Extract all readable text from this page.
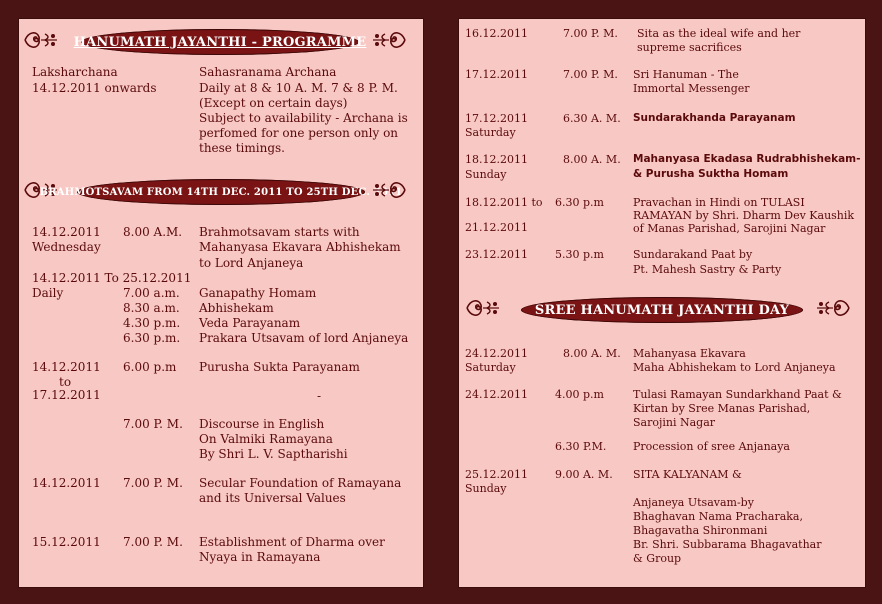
HANUMATH JAYANTHI - PROGRAMME
Laksharchana
14.12.2011 onwards
Sahasranama Archana
Daily at 8 & 10 A. M. 7 & 8 P. M.
(Except on certain days)
Subject to availability - Archana is
perfomed for one person only on
these timings.
BRAHMOTSAVAM FROM 14TH DEC. 2011 TO 25TH DEC. 2011
14.12.2011
Wednesday
8.00 A.M. Brahmotsavam starts with
Mahanyasa Ekavara Abhishekam
to Lord Anjaneya
14.12.2011 To 25.12.2011
Daily	7.00 a.m. Ganapathy Homam
8.30 a.m. Abhishekam
4.30 p.m. Veda Parayanam
6.30 p.m. Prakara Utsavam of lord Anjaneya
14.12.2011
to
17.12.2011
6.00 p.m Purusha Sukta Parayanam
-
7.00 P. M. Discourse in English
On Valmiki Ramayana
By Shri L. V. Saptharishi
14.12.2011 7.00 P. M. Secular Foundation of Ramayana
and its Universal Values
15.12.2011 7.00 P. M. Establishment of Dharma over
Nyaya in Ramayana
16.12.2011	7.00 P. M. Sita as the ideal wife and her
supreme sacrifices
17.12.2011	7.00 P. M. Sri Hanuman - The
Immortal Messenger
17.12.2011
Saturday
6.30 A. M. Sundarakhanda Parayanam
18.12.2011
Sunday
8.00 A. M. Mahanyasa Ekadasa Rudrabhishekam-
& Purusha Suktha Homam
18.12.2011 to
21.12.2011
6.30 p.m	Pravachan in Hindi on TULASI
RAMAYAN by Shri. Dharm Dev Kaushik
of Manas Parishad, Sarojini Nagar
23.12.2011 5.30 p.m	Sundarakand Paat by
Pt. Mahesh Sastry & Party
SREE HANUMATH JAYANTHI DAY
24.12.2011
Saturday
8.00 A. M. Mahanyasa Ekavara
Maha Abhishekam to Lord Anjaneya
24.12.2011 4.00 p.m	Tulasi Ramayan Sundarkhand Paat &
Kirtan by Sree Manas Parishad,
Sarojini Nagar
6.30 P.M. Procession of sree Anjanaya
25.12.2011
Sunday
9.00 A. M. SITA KALYANAM &
Anjaneya Utsavam-by
Bhaghavan Nama Pracharaka,
Bhagavatha Shironmani
Br. Shri. Subbarama Bhagavathar
& Group
